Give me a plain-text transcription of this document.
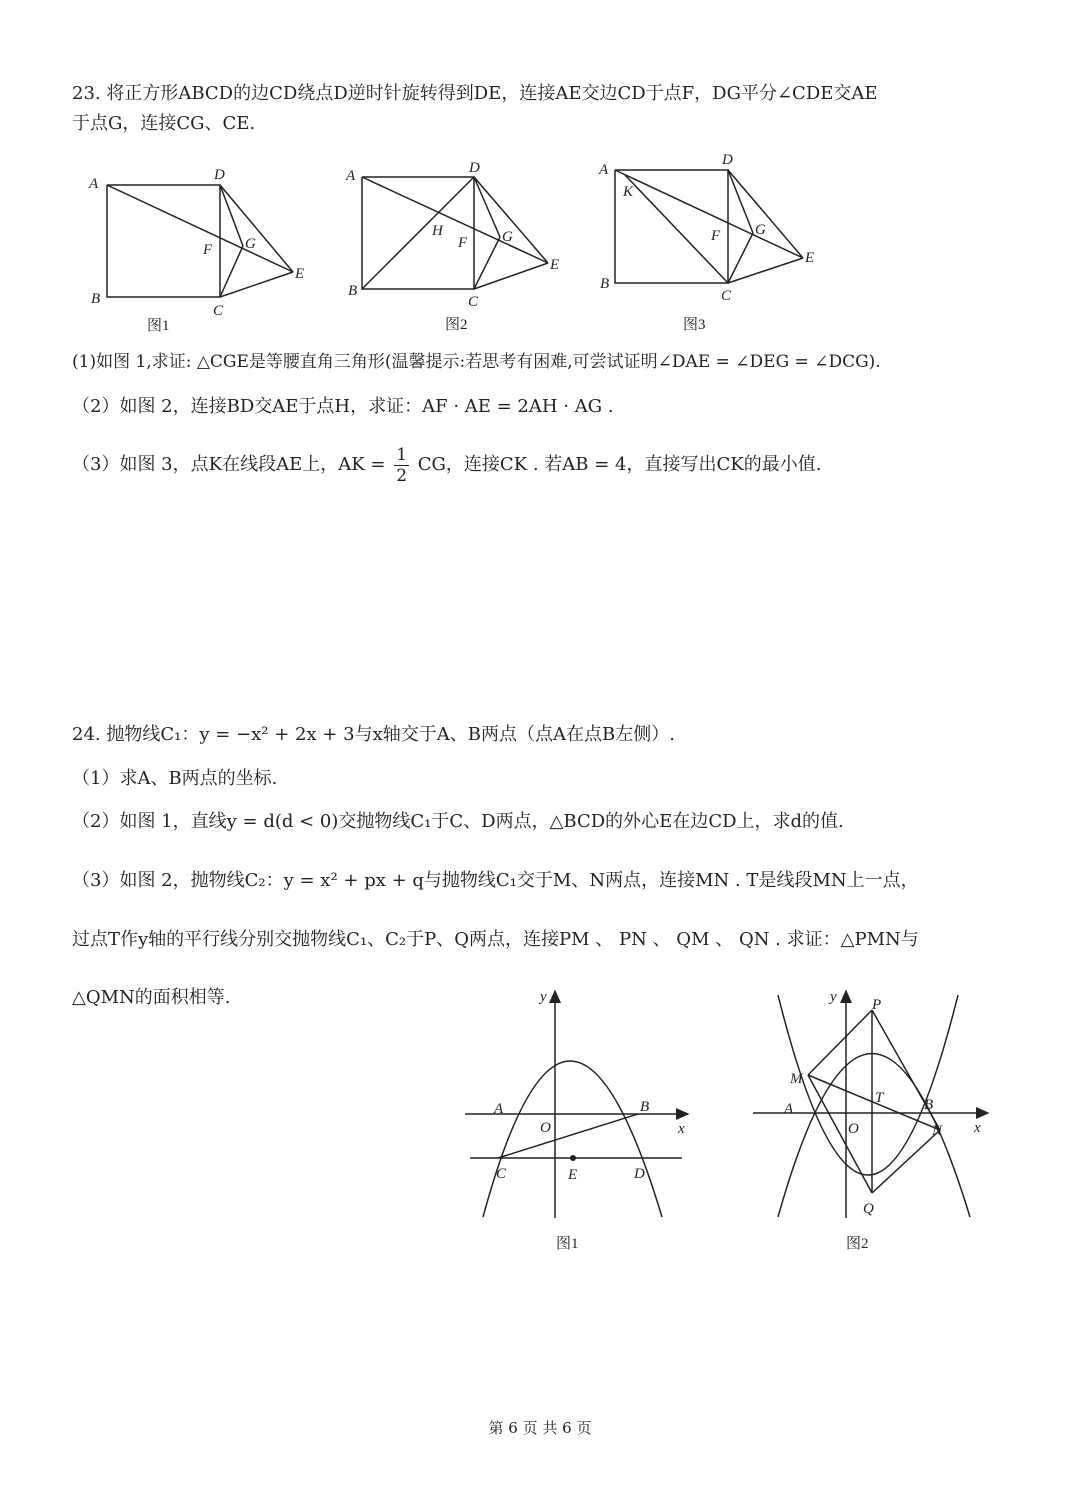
23. 将正方形ABCD的边CD绕点D逆时针旋转得到DE，连接AE交边CD于点F，DG平分∠CDE交AE
于点G，连接CG、CE.
A
D
B
C
F G
E
图1
A	D
B
C
H
F G
E
图2
A
K
D
B
C
F G
E
图3
(1)如图 1,求证: △CGE是等腰直角三角形(温馨提示:若思考有困难,可尝试证明∠DAE = ∠DEG = ∠DCG).
（2）如图 2，连接BD交AE于点H，求证：AF · AE = 2AH · AG .
（3）如图 3，点K在线段AE上，AK = $\frac{1}{2}$ CG，连接CK . 若AB = 4，直接写出CK的最小值.
24. 抛物线C₁：y = −x² + 2x + 3与x轴交于A、B两点（点A在点B左侧）.
（1）求A、B两点的坐标.
（2）如图 1，直线y = d(d < 0)交抛物线C₁于C、D两点，△BCD的外心E在边CD上，求d的值.
（3）如图 2，抛物线C₂：y = x² + px + q与抛物线C₁交于M、N两点，连接MN . T是线段MN上一点，
过点T作y轴的平行线分别交抛物线C₁、C₂于P、Q两点，连接PM 、 PN 、 QM 、 QN . 求证：△PMN与
△QMN的面积相等.	y
A	B
O	x
C	E	D
图1
y P
M
A
T	B
O	N x
Q
图2
第 6 页 共 6 页
